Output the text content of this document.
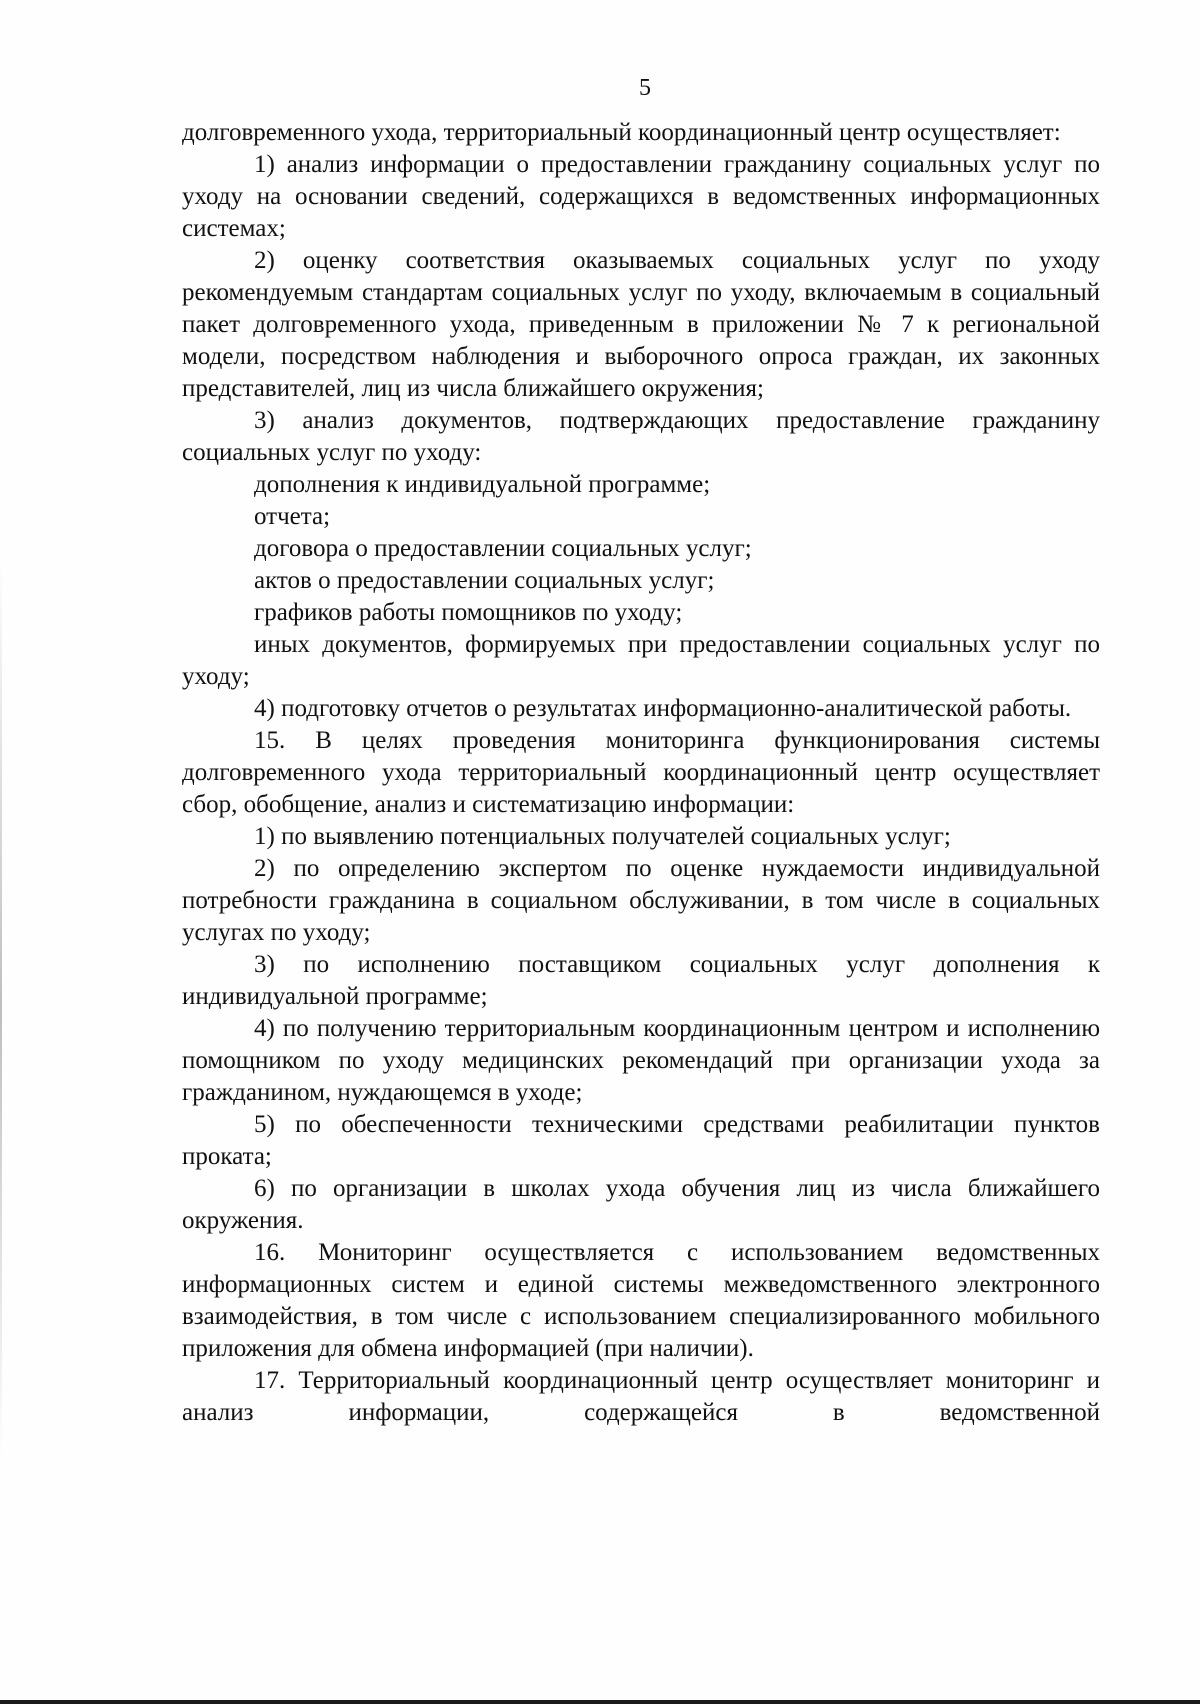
5

долговременного ухода, территориальный координационный центр осуществляет:

1) анализ информации о предоставлении гражданину социальных услуг по уходу на основании сведений, содержащихся в ведомственных информационных системах;

2) оценку соответствия оказываемых социальных услуг по уходу рекомендуемым стандартам социальных услуг по уходу, включаемым в социальный пакет долговременного ухода, приведенным в приложении № 7 к региональной модели, посредством наблюдения и выборочного опроса граждан, их законных представителей, лиц из числа ближайшего окружения;

3) анализ документов, подтверждающих предоставление гражданину социальных услуг по уходу:

дополнения к индивидуальной программе;

отчета;

договора о предоставлении социальных услуг;

актов о предоставлении социальных услуг;

графиков работы помощников по уходу;

иных документов, формируемых при предоставлении социальных услуг по уходу;

4) подготовку отчетов о результатах информационно-аналитической работы.

15. В целях проведения мониторинга функционирования системы долговременного ухода территориальный координационный центр осуществляет сбор, обобщение, анализ и систематизацию информации:

1) по выявлению потенциальных получателей социальных услуг;

2) по определению экспертом по оценке нуждаемости индивидуальной потребности гражданина в социальном обслуживании, в том числе в социальных услугах по уходу;

3) по исполнению поставщиком социальных услуг дополнения к индивидуальной программе;

4) по получению территориальным координационным центром и исполнению помощником по уходу медицинских рекомендаций при организации ухода за гражданином, нуждающемся в уходе;

5) по обеспеченности техническими средствами реабилитации пунктов проката;

6) по организации в школах ухода обучения лиц из числа ближайшего окружения.

16. Мониторинг осуществляется с использованием ведомственных информационных систем и единой системы межведомственного электронного взаимодействия, в том числе с использованием специализированного мобильного приложения для обмена информацией (при наличии).

17. Территориальный координационный центр осуществляет мониторинг и анализ информации, содержащейся в ведомственной
